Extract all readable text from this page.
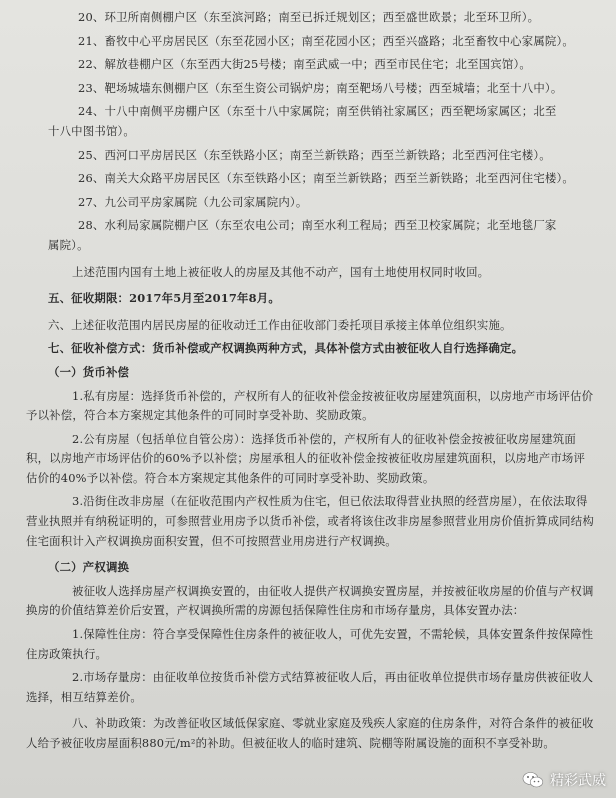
20、环卫所南侧棚户区（东至滨河路；南至已拆迁规划区；西至盛世欧景；北至环卫所）。
21、畜牧中心平房居民区（东至花园小区；南至花园小区；西至兴盛路；北至畜牧中心家属院）。
22、解放巷棚户区（东至西大街25号楼；南至武威一中；西至市民住宅；北至国宾馆）。
23、靶场城墙东侧棚户区（东至生资公司锅炉房；南至靶场八号楼；西至城墙；北至十八中）。
24、十八中南侧平房棚户区（东至十八中家属院；南至供销社家属区；西至靶场家属区；北至
十八中图书馆）。
25、西河口平房居民区（东至铁路小区；南至兰新铁路；西至兰新铁路；北至西河住宅楼）。
26、南关大众路平房居民区（东至铁路小区；南至兰新铁路；西至兰新铁路；北至西河住宅楼）。
27、九公司平房家属院（九公司家属院内）。
28、水利局家属院棚户区（东至农电公司；南至水利工程局；西至卫校家属院；北至地毯厂家
属院）。
上述范围内国有土地上被征收人的房屋及其他不动产，国有土地使用权同时收回。
五、征收期限：2017年5月至2017年8月。
六、上述征收范围内居民房屋的征收动迁工作由征收部门委托项目承接主体单位组织实施。
七、征收补偿方式：货币补偿或产权调换两种方式，具体补偿方式由被征收人自行选择确定。
（一）货币补偿
1.私有房屋：选择货币补偿的，产权所有人的征收补偿金按被征收房屋建筑面积，以房地产市场评估价予以补偿，符合本方案规定其他条件的可同时享受补助、奖励政策。
2.公有房屋（包括单位自管公房）：选择货币补偿的，产权所有人的征收补偿金按被征收房屋建筑面积，以房地产市场评估价的60%予以补偿；房屋承租人的征收补偿金按被征收房屋建筑面积，以房地产市场评估价的40%予以补偿。符合本方案规定其他条件的可同时享受补助、奖励政策。
3.沿街住改非房屋（在征收范围内产权性质为住宅，但已依法取得营业执照的经营房屋），在依法取得营业执照并有纳税证明的，可参照营业用房予以货币补偿，或者将该住改非房屋参照营业用房价值折算成同结构住宅面积计入产权调换房面积安置，但不可按照营业用房进行产权调换。
（二）产权调换
被征收人选择房屋产权调换安置的，由征收人提供产权调换安置房屋，并按被征收房屋的价值与产权调换房的价值结算差价后安置，产权调换所需的房源包括保障性住房和市场存量房，具体安置办法：
1.保障性住房：符合享受保障性住房条件的被征收人，可优先安置，不需轮候，具体安置条件按保障性住房政策执行。
2.市场存量房：由征收单位按货币补偿方式结算被征收人后，再由征收单位提供市场存量房供被征收人选择，相互结算差价。
八、补助政策：为改善征收区域低保家庭、零就业家庭及残疾人家庭的住房条件，对符合条件的被征收人给予被征收房屋面积880元/m²的补助。但被征收人的临时建筑、院棚等附属设施的面积不享受补助。
精彩武威
